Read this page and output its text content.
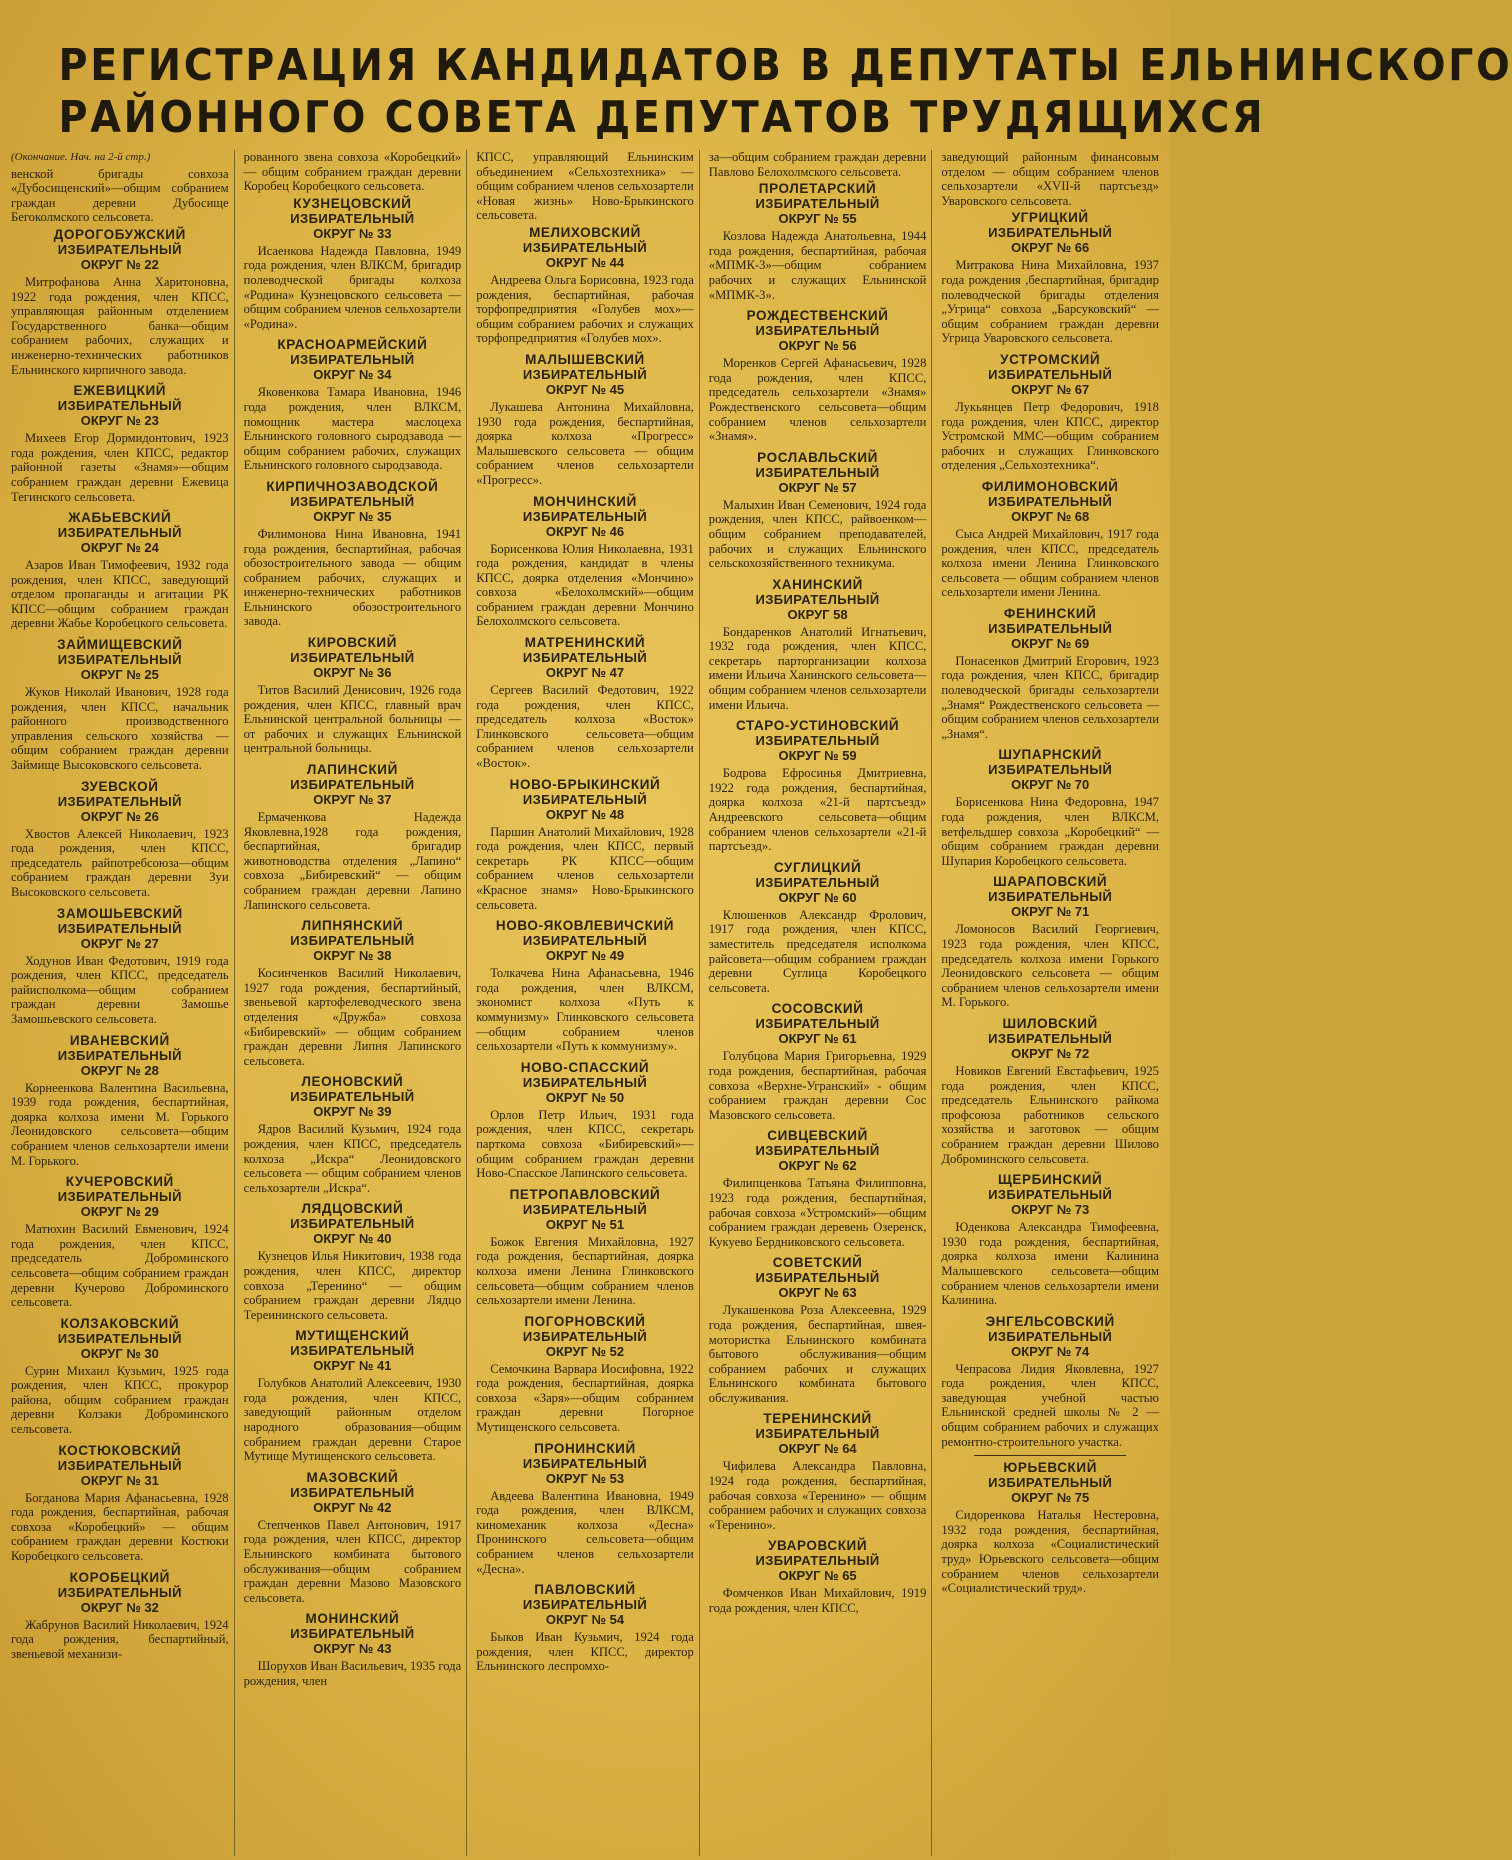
РЕГИСТРАЦИЯ КАНДИДАТОВ В ДЕПУТАТЫ ЕЛЬНИНСКОГО
РАЙОННОГО СОВЕТА ДЕПУТАТОВ ТРУДЯЩИХСЯ
(Окончание. Нач. на 2-й стр.)

венской бригады совхоза «Дубосищенский»—общим собранием граждан деревни Дубосище Бегоколмского сельсовета.

ДОРОГОБУЖСКИЙ
ИЗБИРАТЕЛЬНЫЙ
ОКРУГ № 22

Митрофанова Анна Харитоновна, 1922 года рождения, член КПСС, управляющая районным отделением Государственного банка—общим собранием рабочих, служащих и инженерно-технических работников Ельнинского кирпичного завода.

ЕЖЕВИЦКИЙ
ИЗБИРАТЕЛЬНЫЙ
ОКРУГ № 23

Михеев Егор Дормидонтович, 1923 года рождения, член КПСС, редактор районной газеты «Знамя»—общим собранием граждан деревни Ежевица Тегинского сельсовета.

ЖАБЬЕВСКИЙ
ИЗБИРАТЕЛЬНЫЙ
ОКРУГ № 24

Азаров Иван Тимофеевич, 1932 года рождения, член КПСС, заведующий отделом пропаганды и агитации РК КПСС—общим собранием граждан деревни Жабье Коробецкого сельсовета.

ЗАЙМИЩЕВСКИЙ
ИЗБИРАТЕЛЬНЫЙ
ОКРУГ № 25

Жуков Николай Иванович, 1928 года рождения, член КПСС, начальник районного производственного управления сельского хозяйства — общим собранием граждан деревни Займище Высоковского сельсовета.

ЗУЕВСКОЙ
ИЗБИРАТЕЛЬНЫЙ
ОКРУГ № 26

Хвостов Алексей Николаевич, 1923 года рождения, член КПСС, председатель райпотребсоюза—общим собранием граждан деревни Зуи Высоковского сельсовета.

ЗАМОШЬЕВСКИЙ
ИЗБИРАТЕЛЬНЫЙ
ОКРУГ № 27

Ходунов Иван Федотович, 1919 года рождения, член КПСС, председатель райисполкома—общим собранием граждан деревни Замошье Замошьевского сельсовета.

ИВАНЕВСКИЙ
ИЗБИРАТЕЛЬНЫЙ
ОКРУГ № 28

Корнеенкова Валентина Васильевна, 1939 года рождения, беспартийная, доярка колхоза имени М. Горького Леонидовского сельсовета—общим собранием членов сельхозартели имени М. Горького.

КУЧЕРОВСКИЙ
ИЗБИРАТЕЛЬНЫЙ
ОКРУГ № 29

Матюхин Василий Евменович, 1924 года рождения, член КПСС, председатель Доброминского сельсовета—общим собранием граждан деревни Кучерово Доброминского сельсовета.

КОЛЗАКОВСКИЙ
ИЗБИРАТЕЛЬНЫЙ
ОКРУГ № 30

Сурин Михаил Кузьмич, 1925 года рождения, член КПСС, прокурор района, общим собранием граждан деревни Колзаки Доброминского сельсовета.

КОСТЮКОВСКИЙ
ИЗБИРАТЕЛЬНЫЙ
ОКРУГ № 31

Богданова Мария Афанасьевна, 1928 года рождения, беспартийная, рабочая совхоза «Коробецкий» — общим собранием граждан деревни Костюки Коробецкого сельсовета.

КОРОБЕЦКИЙ
ИЗБИРАТЕЛЬНЫЙ
ОКРУГ № 32

Жабрунов Василий Николаевич, 1924 года рождения, беспартийный, звеньевой механизи-

рованного звена совхоза «Коробецкий» — общим собранием граждан деревни Коробец Коробецкого сельсовета.

КУЗНЕЦОВСКИЙ
ИЗБИРАТЕЛЬНЫЙ
ОКРУГ № 33

Исаенкова Надежда Павловна, 1949 года рождения, член ВЛКСМ, бригадир полеводческой бригады колхоза «Родина» Кузнецовского сельсовета — общим собранием членов сельхозартели «Родина».

КРАСНОАРМЕЙСКИЙ
ИЗБИРАТЕЛЬНЫЙ
ОКРУГ № 34

Яковенкова Тамара Ивановна, 1946 года рождения, член ВЛКСМ, помощник мастера маслоцеха Ельнинского головного сыродзавода — общим собранием рабочих, служащих Ельнинского головного сыродзавода.

КИРПИЧНОЗАВОДСКОЙ
ИЗБИРАТЕЛЬНЫЙ
ОКРУГ № 35

Филимонова Нина Ивановна, 1941 года рождения, беспартийная, рабочая обозостроительного завода — общим собранием рабочих, служащих и инженерно-технических работников Ельнинского обозостроительного завода.

КИРОВСКИЙ
ИЗБИРАТЕЛЬНЫЙ
ОКРУГ № 36

Титов Василий Денисович, 1926 года рождения, член КПСС, главный врач Ельнинской центральной больницы — от рабочих и служащих Ельнинской центральной больницы.

ЛАПИНСКИЙ
ИЗБИРАТЕЛЬНЫЙ
ОКРУГ № 37

Ермаченкова Надежда Яковлевна,1928 года рождения, беспартийная, бригадир животноводства отделения „Лапино“ совхоза „Бибиревский“ — общим собранием граждан деревни Лапино Лапинского сельсовета.

ЛИПНЯНСКИЙ
ИЗБИРАТЕЛЬНЫЙ
ОКРУГ № 38

Косинченков Василий Николаевич, 1927 года рождения, беспартийный, звеньевой картофелеводческого звена отделения «Дружба» совхоза «Бибиревский» — общим собранием граждан деревни Липня Лапинского сельсовета.

ЛЕОНОВСКИЙ
ИЗБИРАТЕЛЬНЫЙ
ОКРУГ № 39

Ядров Василий Кузьмич, 1924 года рождения, член КПСС, председатель колхоза „Искра“ Леонидовского сельсовета — общим собранием членов сельхозартели „Искра“.

ЛЯДЦОВСКИЙ
ИЗБИРАТЕЛЬНЫЙ
ОКРУГ № 40

Кузнецов Илья Никитович, 1938 года рождения, член КПСС, директор совхоза „Теренино“ — общим собранием граждан деревни Лядцо Тереининского сельсовета.

МУТИЩЕНСКИЙ
ИЗБИРАТЕЛЬНЫЙ
ОКРУГ № 41

Голубков Анатолий Алексеевич, 1930 года рождения, член КПСС, заведующий районным отделом народного образования—общим собранием граждан деревни Старое Мутище Мутищенского сельсовета.

МАЗОВСКИЙ
ИЗБИРАТЕЛЬНЫЙ
ОКРУГ № 42

Степченков Павел Антонович, 1917 года рождения, член КПСС, директор Ельнинского комбината бытового обслуживания—общим собранием граждан деревни Мазово Мазовского сельсовета.

МОНИНСКИЙ
ИЗБИРАТЕЛЬНЫЙ
ОКРУГ № 43

Шорухов Иван Васильевич, 1935 года рождения, член

КПСС, управляющий Ельнинским объединением «Сельхозтехника» — общим собранием членов сельхозартели «Новая жизнь» Ново-Брыкинского сельсовета.

МЕЛИХОВСКИЙ
ИЗБИРАТЕЛЬНЫЙ
ОКРУГ № 44

Андреева Ольга Борисовна, 1923 года рождения, беспартийная, рабочая торфопредприятия «Голубев мох»—общим собранием рабочих и служащих торфопредприятия «Голубев мох».

МАЛЫШЕВСКИЙ
ИЗБИРАТЕЛЬНЫЙ
ОКРУГ № 45

Лукашева Антонина Михайловна, 1930 года рождения, беспартийная, доярка колхоза «Прогресс» Малышевского сельсовета — общим собранием членов сельхозартели «Прогресс».

МОНЧИНСКИЙ
ИЗБИРАТЕЛЬНЫЙ
ОКРУГ № 46

Борисенкова Юлия Николаевна, 1931 года рождения, кандидат в члены КПСС, доярка отделения «Мончино» совхоза «Белохолмский»—общим собранием граждан деревни Мончино Белохолмского сельсовета.

МАТРЕНИНСКИЙ
ИЗБИРАТЕЛЬНЫЙ
ОКРУГ № 47

Сергеев Василий Федотович, 1922 года рождения, член КПСС, председатель колхоза «Восток» Глинковского сельсовета—общим собранием членов сельхозартели «Восток».

НОВО-БРЫКИНСКИЙ
ИЗБИРАТЕЛЬНЫЙ
ОКРУГ № 48

Паршин Анатолий Михайлович, 1928 года рождения, член КПСС, первый секретарь РК КПСС—общим собранием членов сельхозартели «Красное знамя» Ново-Брыкинского сельсовета.

НОВО-ЯКОВЛЕВИЧСКИЙ
ИЗБИРАТЕЛЬНЫЙ
ОКРУГ № 49

Толкачева Нина Афанасьевна, 1946 года рождения, член ВЛКСМ, экономист колхоза «Путь к коммунизму» Глинковского сельсовета—общим собранием членов сельхозартели «Путь к коммунизму».

НОВО-СПАССКИЙ
ИЗБИРАТЕЛЬНЫЙ
ОКРУГ № 50

Орлов Петр Ильич, 1931 года рождения, член КПСС, секретарь парткома совхоза «Бибиревский»—общим собранием граждан деревни Ново-Спасское Лапинского сельсовета.

ПЕТРОПАВЛОВСКИЙ
ИЗБИРАТЕЛЬНЫЙ
ОКРУГ № 51

Божок Евгения Михайловна, 1927 года рождения, беспартийная, доярка колхоза имени Ленина Глинковского сельсовета—общим собранием членов сельхозартели имени Ленина.

ПОГОРНОВСКИЙ
ИЗБИРАТЕЛЬНЫЙ
ОКРУГ № 52

Семочкина Варвара Иосифовна, 1922 года рождения, беспартийная, доярка совхоза «Заря»—общим собранием граждан деревни Погорное Мутищенского сельсовета.

ПРОНИНСКИЙ
ИЗБИРАТЕЛЬНЫЙ
ОКРУГ № 53

Авдеева Валентина Ивановна, 1949 года рождения, член ВЛКСМ, киномеханик колхоза «Десна» Пронинского сельсовета—общим собранием членов сельхозартели «Десна».

ПАВЛОВСКИЙ
ИЗБИРАТЕЛЬНЫЙ
ОКРУГ № 54

Быков Иван Кузьмич, 1924 года рождения, член КПСС, директор Ельнинского леспромхо-

за—общим собранием граждан деревни Павлово Белохолмского сельсовета.

ПРОЛЕТАРСКИЙ
ИЗБИРАТЕЛЬНЫЙ
ОКРУГ № 55

Козлова Надежда Анатольевна, 1944 года рождения, беспартийная, рабочая «МПМК-3»—общим собранием рабочих и служащих Ельнинской «МПМК-3».

РОЖДЕСТВЕНСКИЙ
ИЗБИРАТЕЛЬНЫЙ
ОКРУГ № 56

Моренков Сергей Афанасьевич, 1928 года рождения, член КПСС, председатель сельхозартели «Знамя» Рождественского сельсовета—общим собранием членов сельхозартели «Знамя».

РОСЛАВЛЬСКИЙ
ИЗБИРАТЕЛЬНЫЙ
ОКРУГ № 57

Малыхин Иван Семенович, 1924 года рождения, член КПСС, райвоенком—общим собранием преподавателей, рабочих и служащих Ельнинского сельскохозяйственного техникума.

ХАНИНСКИЙ
ИЗБИРАТЕЛЬНЫЙ
ОКРУГ 58

Бондаренков Анатолий Игнатьевич, 1932 года рождения, член КПСС, секретарь парторганизации колхоза имени Ильича Ханинского сельсовета—общим собранием членов сельхозартели имени Ильича.

СТАРО-УСТИНОВСКИЙ
ИЗБИРАТЕЛЬНЫЙ
ОКРУГ № 59

Бодрова Ефросинья Дмитриевна, 1922 года рождения, беспартийная, доярка колхоза «21-й партсъезд» Андреевского сельсовета—общим собранием членов сельхозартели «21-й партсъезд».

СУГЛИЦКИЙ
ИЗБИРАТЕЛЬНЫЙ
ОКРУГ № 60

Клюшенков Александр Фролович, 1917 года рождения, член КПСС, заместитель председателя исполкома райсовета—общим собранием граждан деревни Суглица Коробецкого сельсовета.

СОСОВСКИЙ
ИЗБИРАТЕЛЬНЫЙ
ОКРУГ № 61

Голубцова Мария Григорьевна, 1929 года рождения, беспартийная, рабочая совхоза «Верхне-Угранский» - общим собранием граждан деревни Сос Мазовского сельсовета.

СИВЦЕВСКИЙ
ИЗБИРАТЕЛЬНЫЙ
ОКРУГ № 62

Филипценкова Татьяна Филипповна, 1923 года рождения, беспартийная, рабочая совхоза «Устромский»—общим собранием граждан деревень Озеренск, Кукуево Бердниковского сельсовета.

СОВЕТСКИЙ
ИЗБИРАТЕЛЬНЫЙ
ОКРУГ № 63

Лукашенкова Роза Алексеевна, 1929 года рождения, беспартийная, швея-мотористка Ельнинского комбината бытового обслуживания—общим собранием рабочих и служащих Ельнинского комбината бытового обслуживания.

ТЕРЕНИНСКИЙ
ИЗБИРАТЕЛЬНЫЙ
ОКРУГ № 64

Чифилева Александра Павловна, 1924 года рождения, беспартийная, рабочая совхоза «Теренино» — общим собранием рабочих и служащих совхоза «Теренино».

УВАРОВСКИЙ
ИЗБИРАТЕЛЬНЫЙ
ОКРУГ № 65

Фомченков Иван Михайлович, 1919 года рождения, член КПСС,

заведующий районным финансовым отделом — общим собранием членов сельхозартели «XVII-й партсъезд» Уваровского сельсовета.

УГРИЦКИЙ
ИЗБИРАТЕЛЬНЫЙ
ОКРУГ № 66

Митракова Нина Михайловна, 1937 года рождения ,беспартийная, бригадир полеводческой бригады отделения „Угрица“ совхоза „Барсуковский“ — общим собранием граждан деревни Угрица Уваровского сельсовета.

УСТРОМСКИЙ
ИЗБИРАТЕЛЬНЫЙ
ОКРУГ № 67

Лукьянцев Петр Федорович, 1918 года рождения, член КПСС, директор Устромской ММС—общим собранием рабочих и служащих Глинковского отделения „Сельхозтехника“.

ФИЛИМОНОВСКИЙ
ИЗБИРАТЕЛЬНЫЙ
ОКРУГ № 68

Сыса Андрей Михайлович, 1917 года рождения, член КПСС, председатель колхоза имени Ленина Глинковского сельсовета — общим собранием членов сельхозартели имени Ленина.

ФЕНИНСКИЙ
ИЗБИРАТЕЛЬНЫЙ
ОКРУГ № 69

Понасенков Дмитрий Егорович, 1923 года рождения, член КПСС, бригадир полеводческой бригады сельхозартели „Знамя“ Рождественского сельсовета — общим собранием членов сельхозартели „Знамя“.

ШУПАРНСКИЙ
ИЗБИРАТЕЛЬНЫЙ
ОКРУГ № 70

Борисенкова Нина Федоровна, 1947 года рождения, член ВЛКСМ, ветфельдшер совхоза „Коробецкий“ — общим собранием граждан деревни Шупария Коробецкого сельсовета.

ШАРАПОВСКИЙ
ИЗБИРАТЕЛЬНЫЙ
ОКРУГ № 71

Ломоносов Василий Георгиевич, 1923 года рождения, член КПСС, председатель колхоза имени Горького Леонидовского сельсовета — общим собранием членов сельхозартели имени М. Горького.

ШИЛОВСКИЙ
ИЗБИРАТЕЛЬНЫЙ
ОКРУГ № 72

Новиков Евгений Евстафьевич, 1925 года рождения, член КПСС, председатель Ельнинского райкома профсоюза работников сельского хозяйства и заготовок — общим собранием граждан деревни Шилово Доброминского сельсовета.

ЩЕРБИНСКИЙ
ИЗБИРАТЕЛЬНЫЙ
ОКРУГ № 73

Юденкова Александра Тимофеевна, 1930 года рождения, беспартийная, доярка колхоза имени Калинина Малышевского сельсовета—общим собранием членов сельхозартели имени Калинина.

ЭНГЕЛЬСОВСКИЙ
ИЗБИРАТЕЛЬНЫЙ
ОКРУГ № 74

Чепрасова Лидия Яковлевна, 1927 года рождения, член КПСС, заведующая учебной частью Ельнинской средней школы № 2 — общим собранием рабочих и служащих ремонтно-строительного участка.

ЮРЬЕВСКИЙ
ИЗБИРАТЕЛЬНЫЙ
ОКРУГ № 75

Сидоренкова Наталья Нестеровна, 1932 года рождения, беспартийная, доярка колхоза «Социалистический труд» Юрьевского сельсовета—общим собранием членов сельхозартели «Социалистический труд».
